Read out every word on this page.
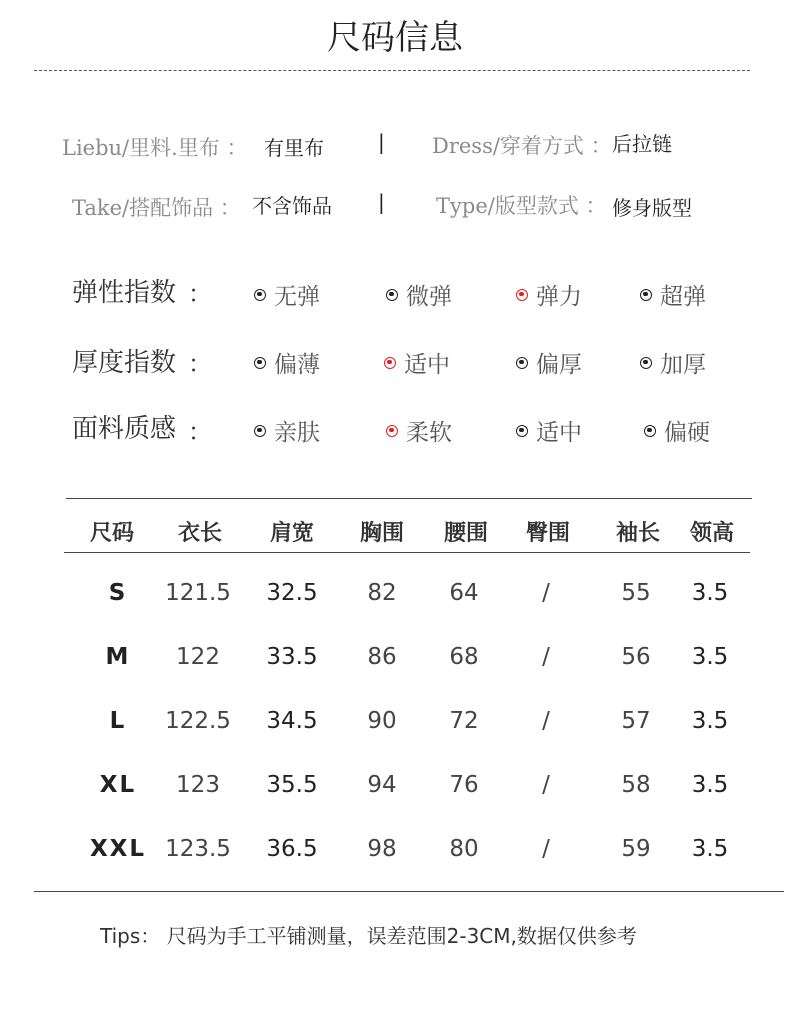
尺码信息
Liebu/里料.里布 ： 有里布	| Dress/穿着方式 ： 后拉链
Take/搭配饰品 ： 不含饰品 | Type/版型款式 ： 修身版型
弹性指数 ：	无弹	微弹	弹力	超弹
厚度指数 ：	偏薄	适中	偏厚	加厚
面料质感 ：	亲肤	柔软	适中	偏硬
尺码	衣长	肩宽	胸围	腰围	臀围	袖长	领高
S	121.5	32.5	82	64	/	55	3.5
M	122	33.5	86	68	/	56	3.5
L	122.5	34.5	90	72	/	57	3.5
XL	123	35.5	94	76	/	58	3.5
XXL 123.5	36.5	98	80	/	59	3.5
Tips： 尺码为手工平铺测量，误差范围2-3CM,数据仅供参考
